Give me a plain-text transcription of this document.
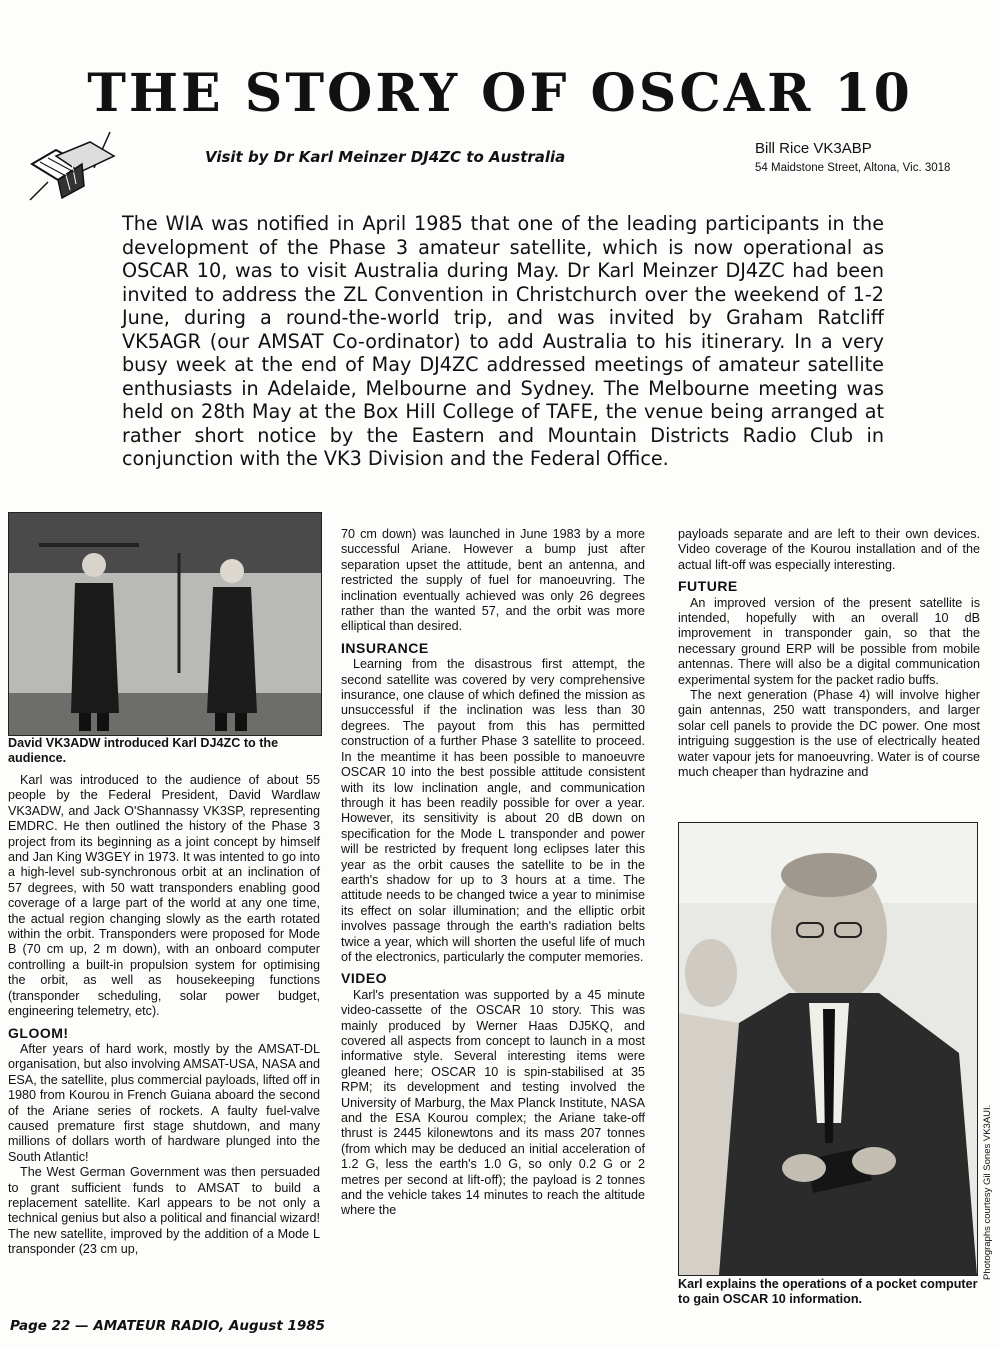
THE STORY OF OSCAR 10
Visit by Dr Karl Meinzer DJ4ZC to Australia	Bill Rice VK3ABP
54 Maidstone Street, Altona, Vic. 3018
The WIA was notified in April 1985 that one of the leading participants in the development of the Phase 3 amateur satellite, which is now operational as OSCAR 10, was to visit Australia during May. Dr Karl Meinzer DJ4ZC had been invited to address the ZL Convention in Christchurch over the weekend of 1-2 June, during a round-the-world trip, and was invited by Graham Ratcliff VK5AGR (our AMSAT Co-ordinator) to add Australia to his itinerary. In a very busy week at the end of May DJ4ZC addressed meetings of amateur satellite enthusiasts in Adelaide, Melbourne and Sydney. The Melbourne meeting was held on 28th May at the Box Hill College of TAFE, the venue being arranged at rather short notice by the Eastern and Mountain Districts Radio Club in conjunction with the VK3 Division and the Federal Office.
David VK3ADW introduced Karl DJ4ZC to the audience.

Karl was introduced to the audience of about 55 people by the Federal President, David Wardlaw VK3ADW, and Jack O'Shannassy VK3SP, representing EMDRC. He then outlined the history of the Phase 3 project from its beginning as a joint concept by himself and Jan King W3GEY in 1973. It was intented to go into a high-level sub-synchronous orbit at an inclination of 57 degrees, with 50 watt transponders enabling good coverage of a large part of the world at any one time, the actual region changing slowly as the earth rotated within the orbit. Transponders were proposed for Mode B (70 cm up, 2 m down), with an onboard computer controlling a built-in propulsion system for optimising the orbit, as well as housekeeping functions (transponder scheduling, solar power budget, engineering telemetry, etc).

GLOOM!

After years of hard work, mostly by the AMSAT-DL organisation, but also involving AMSAT-USA, NASA and ESA, the satellite, plus commercial payloads, lifted off in 1980 from Kourou in French Guiana aboard the second of the Ariane series of rockets. A faulty fuel-valve caused premature first stage shutdown, and many millions of dollars worth of hardware plunged into the South Atlantic!

The West German Government was then persuaded to grant sufficient funds to AMSAT to build a replacement satellite. Karl appears to be not only a technical genius but also a political and financial wizard! The new satellite, improved by the addition of a Mode L transponder (23 cm up,

70 cm down) was launched in June 1983 by a more successful Ariane. However a bump just after separation upset the attitude, bent an antenna, and restricted the supply of fuel for manoeuvring. The inclination eventually achieved was only 26 degrees rather than the wanted 57, and the orbit was more elliptical than desired.

INSURANCE

Learning from the disastrous first attempt, the second satellite was covered by very comprehensive insurance, one clause of which defined the mission as unsuccessful if the inclination was less than 30 degrees. The payout from this has permitted construction of a further Phase 3 satellite to proceed. In the meantime it has been possible to manoeuvre OSCAR 10 into the best possible attitude consistent with its low inclination angle, and communication through it has been readily possible for over a year. However, its sensitivity is about 20 dB down on specification for the Mode L transponder and power will be restricted by frequent long eclipses later this year as the orbit causes the satellite to be in the earth's shadow for up to 3 hours at a time. The attitude needs to be changed twice a year to minimise its effect on solar illumination; and the elliptic orbit involves passage through the earth's radiation belts twice a year, which will shorten the useful life of much of the electronics, particularly the computer memories.

VIDEO

Karl's presentation was supported by a 45 minute video-cassette of the OSCAR 10 story. This was mainly produced by Werner Haas DJ5KQ, and covered all aspects from concept to launch in a most informative style. Several interesting items were gleaned here; OSCAR 10 is spin-stabilised at 35 RPM; its development and testing involved the University of Marburg, the Max Planck Institute, NASA and the ESA Kourou complex; the Ariane take-off thrust is 2445 kilonewtons and its mass 207 tonnes (from which may be deduced an initial acceleration of 1.2 G, less the earth's 1.0 G, so only 0.2 G or 2 metres per second at lift-off); the payload is 2 tonnes and the vehicle takes 14 minutes to reach the altitude where the

payloads separate and are left to their own devices. Video coverage of the Kourou installation and of the actual lift-off was especially interesting.

FUTURE

An improved version of the present satellite is intended, hopefully with an overall 10 dB improvement in transponder gain, so that the necessary ground ERP will be possible from mobile antennas. There will also be a digital communication experimental system for the packet radio buffs.

The next generation (Phase 4) will involve higher gain antennas, 250 watt transponders, and larger solar cell panels to provide the DC power. One most intriguing suggestion is the use of electrically heated water vapour jets for manoeuvring. Water is of course much cheaper than hydrazine and

Karl explains the operations of a pocket computer to gain OSCAR 10 information.
Photographs courtesy Gil Sones VK3AUI.
Page 22 — AMATEUR RADIO, August 1985
